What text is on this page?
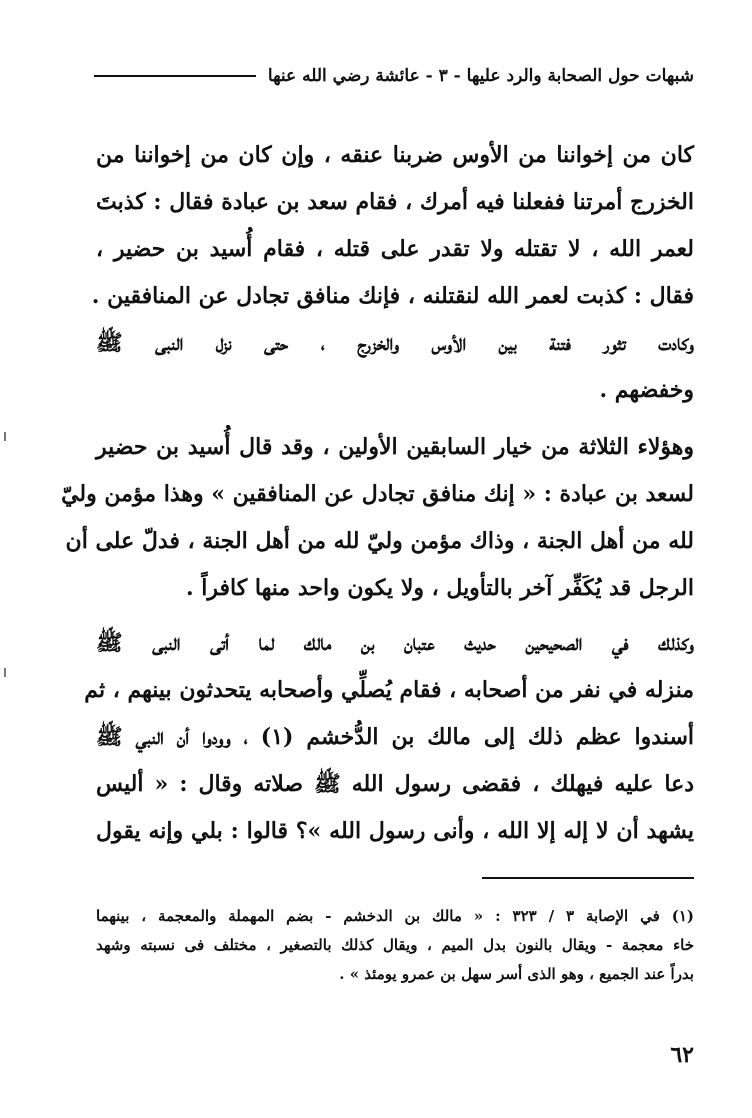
شبهات حول الصحابة والرد عليها - ٣ - عائشة رضي الله عنها
كان من إخواننا من الأوس ضربنا عنقه ، وإن كان من إخواننا من
الخزرج أمرتنا ففعلنا فيه أمرك ، فقام سعد بن عبادة فقال : كذبتَ
لعمر الله ، لا تقتله ولا تقدر على قتله ، فقام أُسيد بن حضير ،
فقال : كذبت لعمر الله لنقتلنه ، فإنك منافق تجادل عن المنافقين .
وكادت تثور فتنة بين الأوس والخزرج ، حتى نزل النبى ﷺ
وخفضهم .
وهؤلاء الثلاثة من خيار السابقين الأولين ، وقد قال أُسيد بن حضير
لسعد بن عبادة : « إنك منافق تجادل عن المنافقين » وهذا مؤمن وليّ
لله من أهل الجنة ، وذاك مؤمن وليّ لله من أهل الجنة ، فدلّ على أن
الرجل قد يُكَفِّر آخر بالتأويل ، ولا يكون واحد منها كافراً .
وكذلك في الصحيحين حديث عتبان بن مالك لما أتى النبى ﷺ
منزله في نفر من أصحابه ، فقام يُصلِّي وأصحابه يتحدثون بينهم ، ثم
أسندوا عظم ذلك إلى مالك بن الدُّخشم (١) ، وودوا أن النبي ﷺ
دعا عليه فيهلك ، فقضى رسول الله ﷺ صلاته وقال : « أليس
يشهد أن لا إله إلا الله ، وأنى رسول الله »؟ قالوا : بلي وإنه يقول
(١) في الإصابة ٣ / ٣٢٣ : « مالك بن الدخشم - بضم المهملة والمعجمة ، بينهما
خاء معجمة - ويقال بالنون بدل الميم ، ويقال كذلك بالتصغير ، مختلف فى نسبته وشهد
بدراً عند الجميع ، وهو الذى أسر سهل بن عمرو يومئذ » .
٦٢
